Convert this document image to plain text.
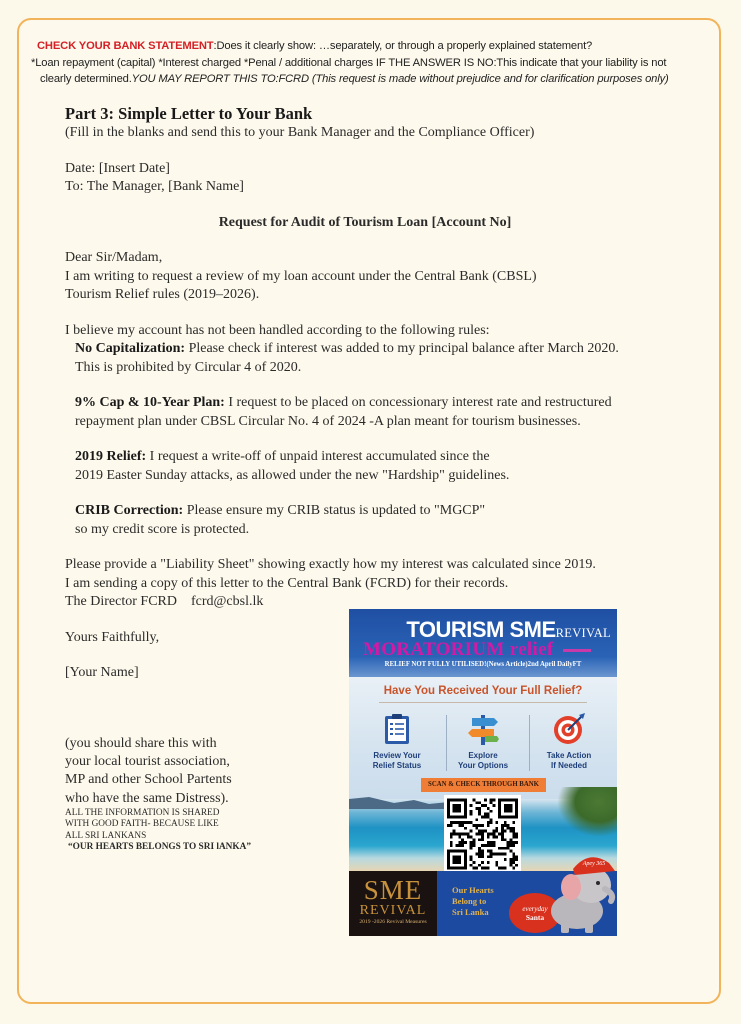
CHECK YOUR BANK STATEMENT:Does it clearly show: …separately, or through a properly explained statement?
*Loan repayment (capital) *Interest charged *Penal / additional charges IF THE ANSWER IS NO:This indicate that your liability is not
clearly determined.YOU MAY REPORT THIS TO:FCRD (This request is made without prejudice and for clarification purposes only)
Part 3: Simple Letter to Your Bank
(Fill in the blanks and send this to your Bank Manager and the Compliance Officer)
Date: [Insert Date]
To: The Manager, [Bank Name]
Request for Audit of Tourism Loan [Account No]
Dear Sir/Madam,
I am writing to request a review of my loan account under the Central Bank (CBSL)
Tourism Relief rules (2019–2026).
I believe my account has not been handled according to the following rules:
No Capitalization: Please check if interest was added to my principal balance after March 2020.
This is prohibited by Circular 4 of 2020.
9% Cap & 10-Year Plan: I request to be placed on concessionary interest rate and restructured
repayment plan under CBSL Circular No. 4 of 2024 -A plan meant for tourism businesses.
2019 Relief: I request a write-off of unpaid interest accumulated since the
2019 Easter Sunday attacks, as allowed under the new "Hardship" guidelines.
CRIB Correction: Please ensure my CRIB status is updated to "MGCP"
so my credit score is protected.
Please provide a "Liability Sheet" showing exactly how my interest was calculated since 2019.
I am sending a copy of this letter to the Central Bank (FCRD) for their records.
The Director FCRD fcrd@cbsl.lk
Yours Faithfully,
[Your Name]
(you should share this with
your local tourist association,
MP and other School Partents
who have the same Distress).
ALL THE INFORMATION IS SHARED
WITH GOOD FAITH- BECAUSE LIKE
ALL SRI LANKANS
“OUR HEARTS BELONGS TO SRI lANKA”
TOURISM SMEREVIVAL
MORATORIUM relief
RELIEF NOT FULLY UTILISED!(News Article)2nd April DailyFT
Have You Received Your Full Relief?
Review Your
Relief Status
Explore
Your Options
Take Action
If Needed
SCAN & CHECK THROUGH BANK
SME
REVIVAL
2019 -2026 Revival Measures
Our Hearts
Belong to
Sri Lanka	everyday
Santa
Apey 365
